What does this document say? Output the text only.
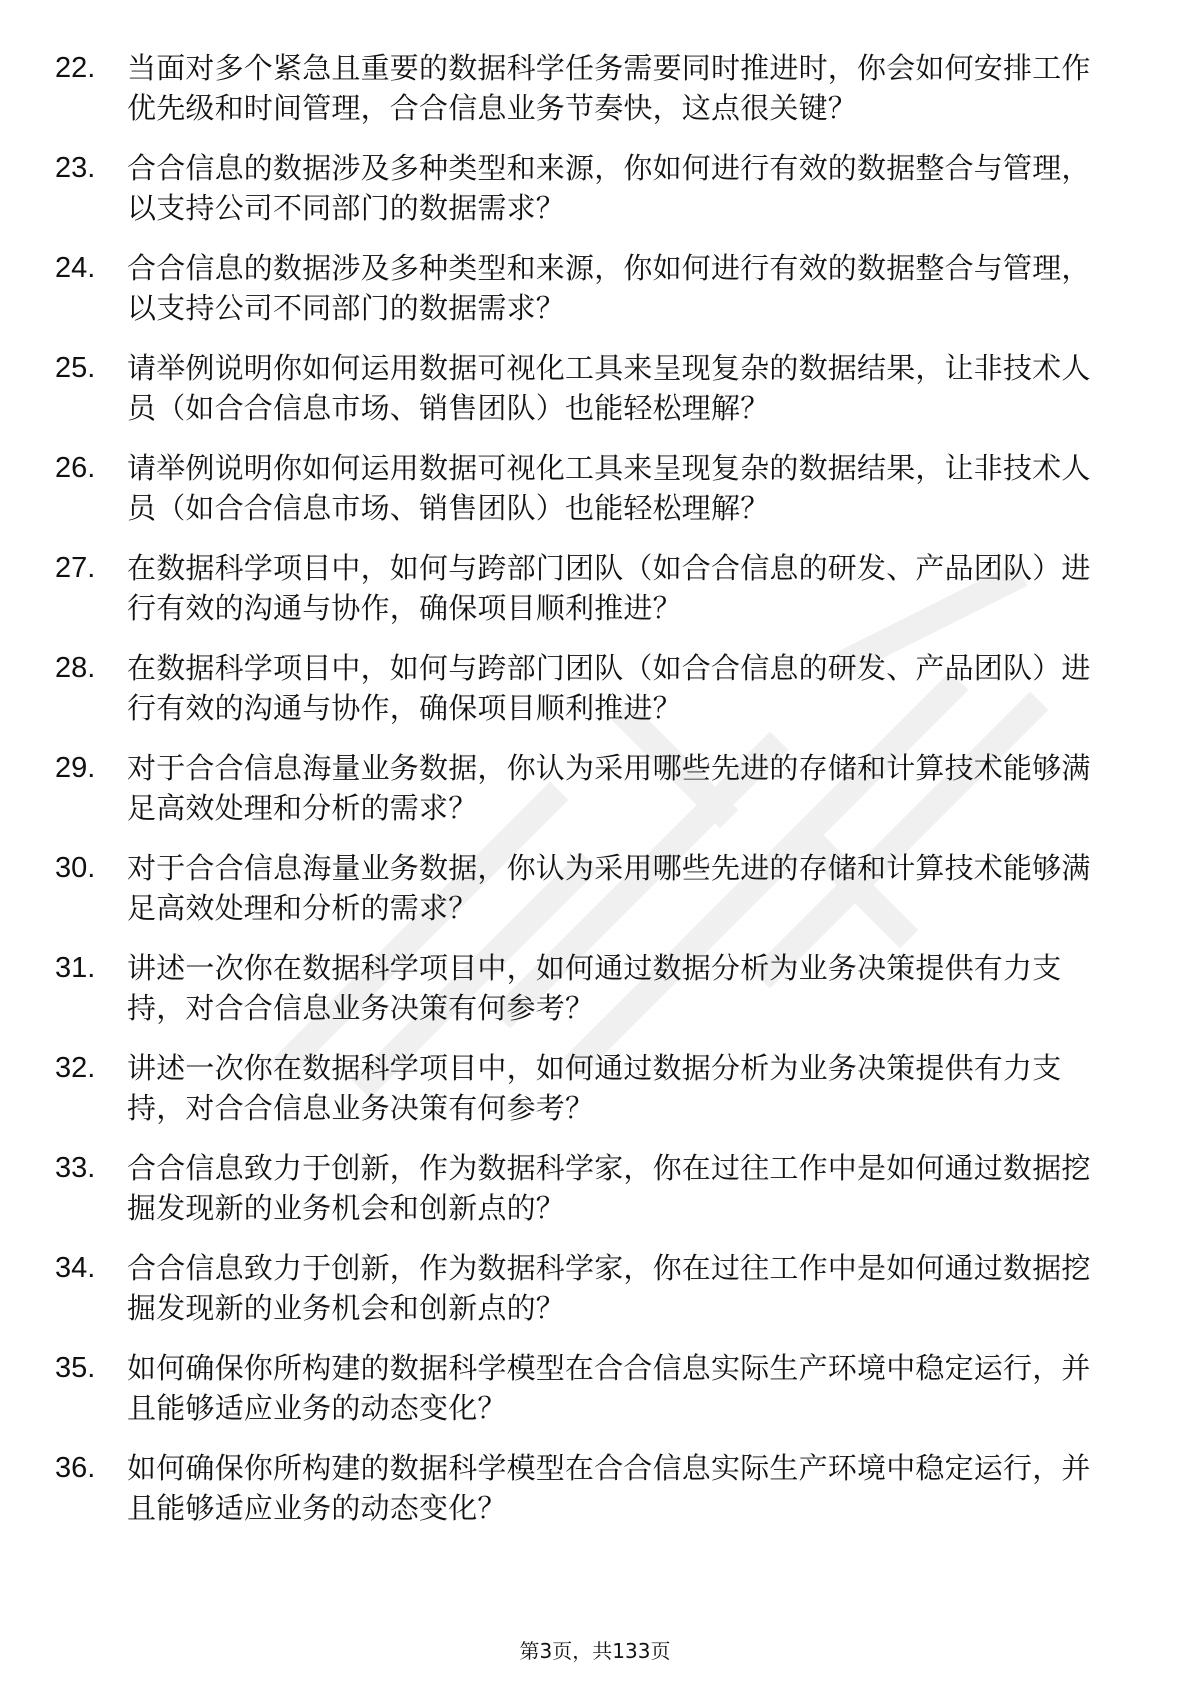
22.	当面对多个紧急且重要的数据科学任务需要同时推进时，你会如何安排工作优先级和时间管理，合合信息业务节奏快，这点很关键？
23.	合合信息的数据涉及多种类型和来源，你如何进行有效的数据整合与管理，以支持公司不同部门的数据需求？
24.	合合信息的数据涉及多种类型和来源，你如何进行有效的数据整合与管理，以支持公司不同部门的数据需求？
25.	请举例说明你如何运用数据可视化工具来呈现复杂的数据结果，让非技术人员（如合合信息市场、销售团队）也能轻松理解？
26.	请举例说明你如何运用数据可视化工具来呈现复杂的数据结果，让非技术人员（如合合信息市场、销售团队）也能轻松理解？
27.	在数据科学项目中，如何与跨部门团队（如合合信息的研发、产品团队）进行有效的沟通与协作，确保项目顺利推进？
28.	在数据科学项目中，如何与跨部门团队（如合合信息的研发、产品团队）进行有效的沟通与协作，确保项目顺利推进？
29.	对于合合信息海量业务数据，你认为采用哪些先进的存储和计算技术能够满足高效处理和分析的需求？
30.	对于合合信息海量业务数据，你认为采用哪些先进的存储和计算技术能够满足高效处理和分析的需求？
31.	讲述一次你在数据科学项目中，如何通过数据分析为业务决策提供有力支持，对合合信息业务决策有何参考？
32.	讲述一次你在数据科学项目中，如何通过数据分析为业务决策提供有力支持，对合合信息业务决策有何参考？
33.	合合信息致力于创新，作为数据科学家，你在过往工作中是如何通过数据挖掘发现新的业务机会和创新点的？
34.	合合信息致力于创新，作为数据科学家，你在过往工作中是如何通过数据挖掘发现新的业务机会和创新点的？
35.	如何确保你所构建的数据科学模型在合合信息实际生产环境中稳定运行，并且能够适应业务的动态变化？
36.	如何确保你所构建的数据科学模型在合合信息实际生产环境中稳定运行，并且能够适应业务的动态变化？
第3页，共133页
